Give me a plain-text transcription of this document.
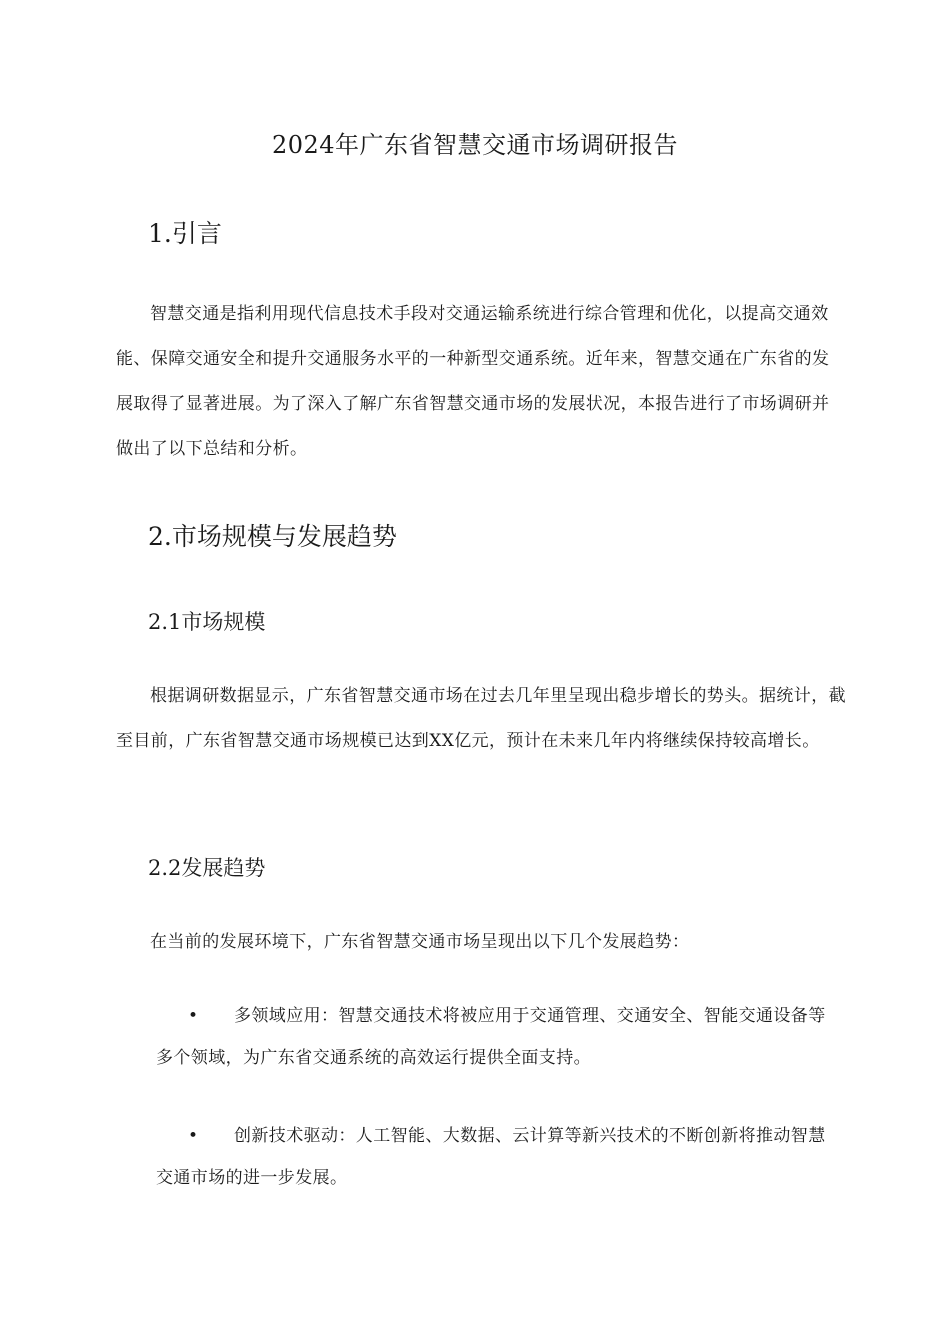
2024年广东省智慧交通市场调研报告
1.引言
智慧交通是指利用现代信息技术手段对交通运输系统进行综合管理和优化，以提高交通效能、保障交通安全和提升交通服务水平的一种新型交通系统。近年来，智慧交通在广东省的发展取得了显著进展。为了深入了解广东省智慧交通市场的发展状况，本报告进行了市场调研并做出了以下总结和分析。
2.市场规模与发展趋势
2.1市场规模
根据调研数据显示，广东省智慧交通市场在过去几年里呈现出稳步增长的势头。据统计，截至目前，广东省智慧交通市场规模已达到XX亿元，预计在未来几年内将继续保持较高增长。
2.2发展趋势
在当前的发展环境下，广东省智慧交通市场呈现出以下几个发展趋势：
•	多领域应用：智慧交通技术将被应用于交通管理、交通安全、智能交通设备等多个领域，为广东省交通系统的高效运行提供全面支持。
•	创新技术驱动：人工智能、大数据、云计算等新兴技术的不断创新将推动智慧交通市场的进一步发展。
